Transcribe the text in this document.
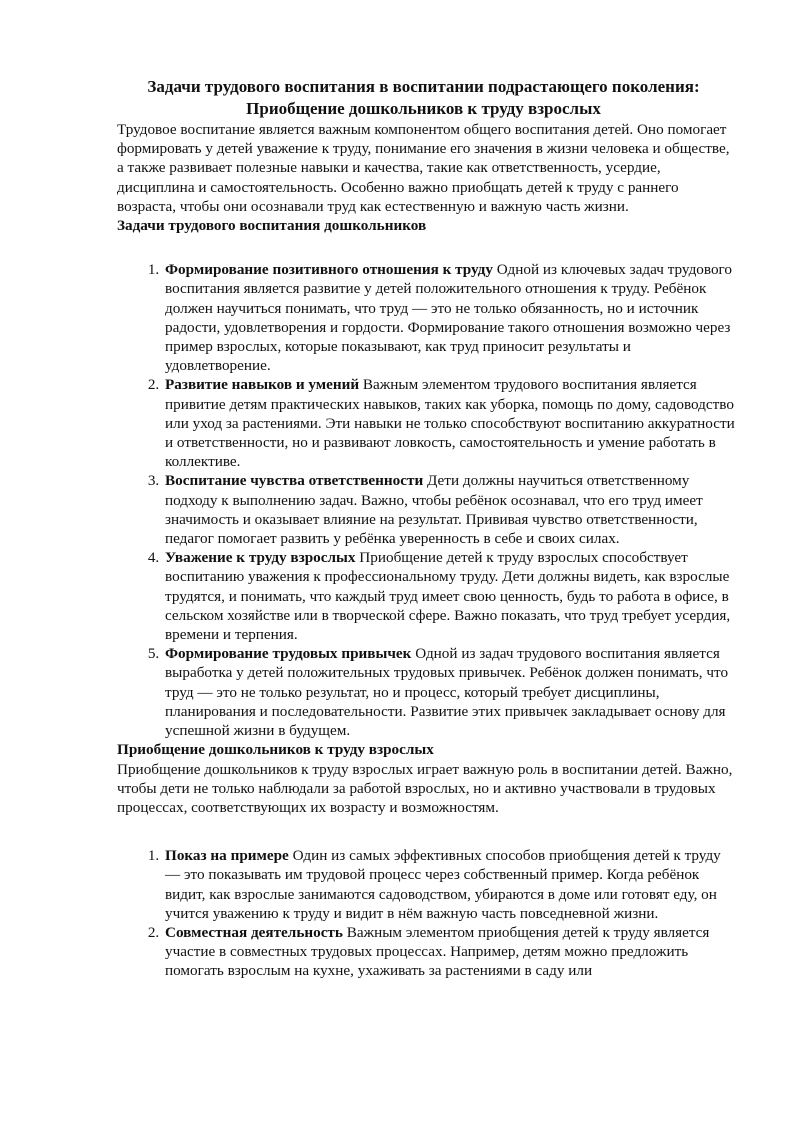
Задачи трудового воспитания в воспитании подрастающего поколения:
Приобщение дошкольников к труду взрослых

Трудовое воспитание является важным компонентом общего воспитания детей. Оно помогает формировать у детей уважение к труду, понимание его значения в жизни человека и обществе, а также развивает полезные навыки и качества, такие как ответственность, усердие, дисциплина и самостоятельность. Особенно важно приобщать детей к труду с раннего возраста, чтобы они осознавали труд как естественную и важную часть жизни.

Задачи трудового воспитания дошкольников
1. Формирование позитивного отношения к труду Одной из ключевых задач трудового воспитания является развитие у детей положительного отношения к труду. Ребёнок должен научиться понимать, что труд — это не только обязанность, но и источник радости, удовлетворения и гордости. Формирование такого отношения возможно через пример взрослых, которые показывают, как труд приносит результаты и удовлетворение.
2. Развитие навыков и умений Важным элементом трудового воспитания является привитие детям практических навыков, таких как уборка, помощь по дому, садоводство или уход за растениями. Эти навыки не только способствуют воспитанию аккуратности и ответственности, но и развивают ловкость, самостоятельность и умение работать в коллективе.
3. Воспитание чувства ответственности Дети должны научиться ответственному подходу к выполнению задач. Важно, чтобы ребёнок осознавал, что его труд имеет значимость и оказывает влияние на результат. Прививая чувство ответственности, педагог помогает развить у ребёнка уверенность в себе и своих силах.
4. Уважение к труду взрослых Приобщение детей к труду взрослых способствует воспитанию уважения к профессиональному труду. Дети должны видеть, как взрослые трудятся, и понимать, что каждый труд имеет свою ценность, будь то работа в офисе, в сельском хозяйстве или в творческой сфере. Важно показать, что труд требует усердия, времени и терпения.
5. Формирование трудовых привычек Одной из задач трудового воспитания является выработка у детей положительных трудовых привычек. Ребёнок должен понимать, что труд — это не только результат, но и процесс, который требует дисциплины, планирования и последовательности. Развитие этих привычек закладывает основу для успешной жизни в будущем.
Приобщение дошкольников к труду взрослых

Приобщение дошкольников к труду взрослых играет важную роль в воспитании детей. Важно, чтобы дети не только наблюдали за работой взрослых, но и активно участвовали в трудовых процессах, соответствующих их возрасту и возможностям.

1. Показ на примере Один из самых эффективных способов приобщения детей к труду — это показывать им трудовой процесс через собственный пример. Когда ребёнок видит, как взрослые занимаются садоводством, убираются в доме или готовят еду, он учится уважению к труду и видит в нём важную часть повседневной жизни.
2. Совместная деятельность Важным элементом приобщения детей к труду является участие в совместных трудовых процессах. Например, детям можно предложить помогать взрослым на кухне, ухаживать за растениями в саду или
